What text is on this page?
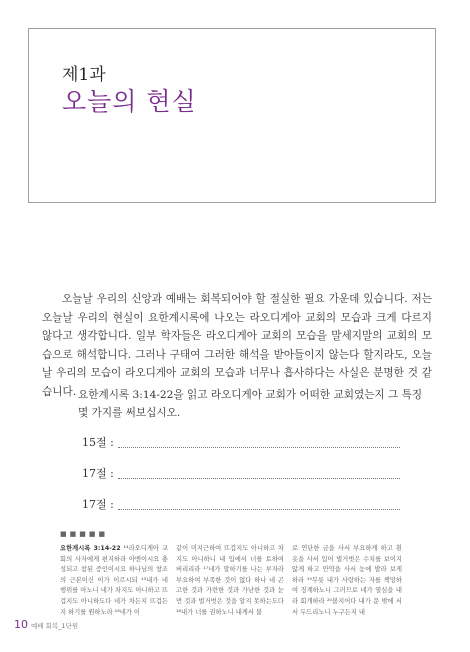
제1과
오늘의 현실

오늘날 우리의 신앙과 예배는 회복되어야 할 절실한 필요 가운데 있습니다. 저는 오늘날 우리의 현실이 요한계시록에 나오는 라오디게아 교회의 모습과 크게 다르지 않다고 생각합니다. 일부 학자들은 라오디게아 교회의 모습을 말세지말의 교회의 모습으로 해석합니다. 그러나 구태여 그러한 해석을 받아들이지 않는다 할지라도, 오늘날 우리의 모습이 라오디게아 교회의 모습과 너무나 흡사하다는 사실은 분명한 것 같습니다. 요한계시록 3:14-22을 읽고 라오디게아 교회가 어떠한 교회였는지 그 특징 몇 가지를 써보십시오.

15절 :
17절 :
17절 :
■■■■■
요한계시록 3:14-22 ¹⁴라오디게아 교회의 사자에게 편지하라 아멘이시요 충성되고 참된 증인이시요 하나님의 창조의 근본이신 이가 이르시되 ¹⁵내가 네 행위를 아노니 네가 차지도 아니하고 뜨겁지도 아니하도다 네가 차든지 뜨겁든지 하기를 원하노라 ¹⁶네가 이
같이 미지근하여 뜨겁지도 아니하고 차지도 아니하니 내 입에서 너를 토하여 버리리라 ¹⁷네가 말하기를 나는 부자라 부요하여 부족한 것이 없다 하나 네 곤고한 것과 가련한 것과 가난한 것과 눈 먼 것과 벌거벗은 것을 알지 못하는도다 ¹⁸내가 너를 권하노니 내게서 불
로 연단한 금을 사서 부요하게 하고 흰 옷을 사서 입어 벌거벗은 수치를 보이지 않게 하고 안약을 사서 눈에 발라 보게 하라 ¹⁹무릇 내가 사랑하는 자를 책망하여 징계하노니 그러므로 네가 열심을 내라 회개하라 ²⁰볼지어다 내가 문 밖에 서서 두드리노니 누구든지 내
10 예배 회복_1단원
